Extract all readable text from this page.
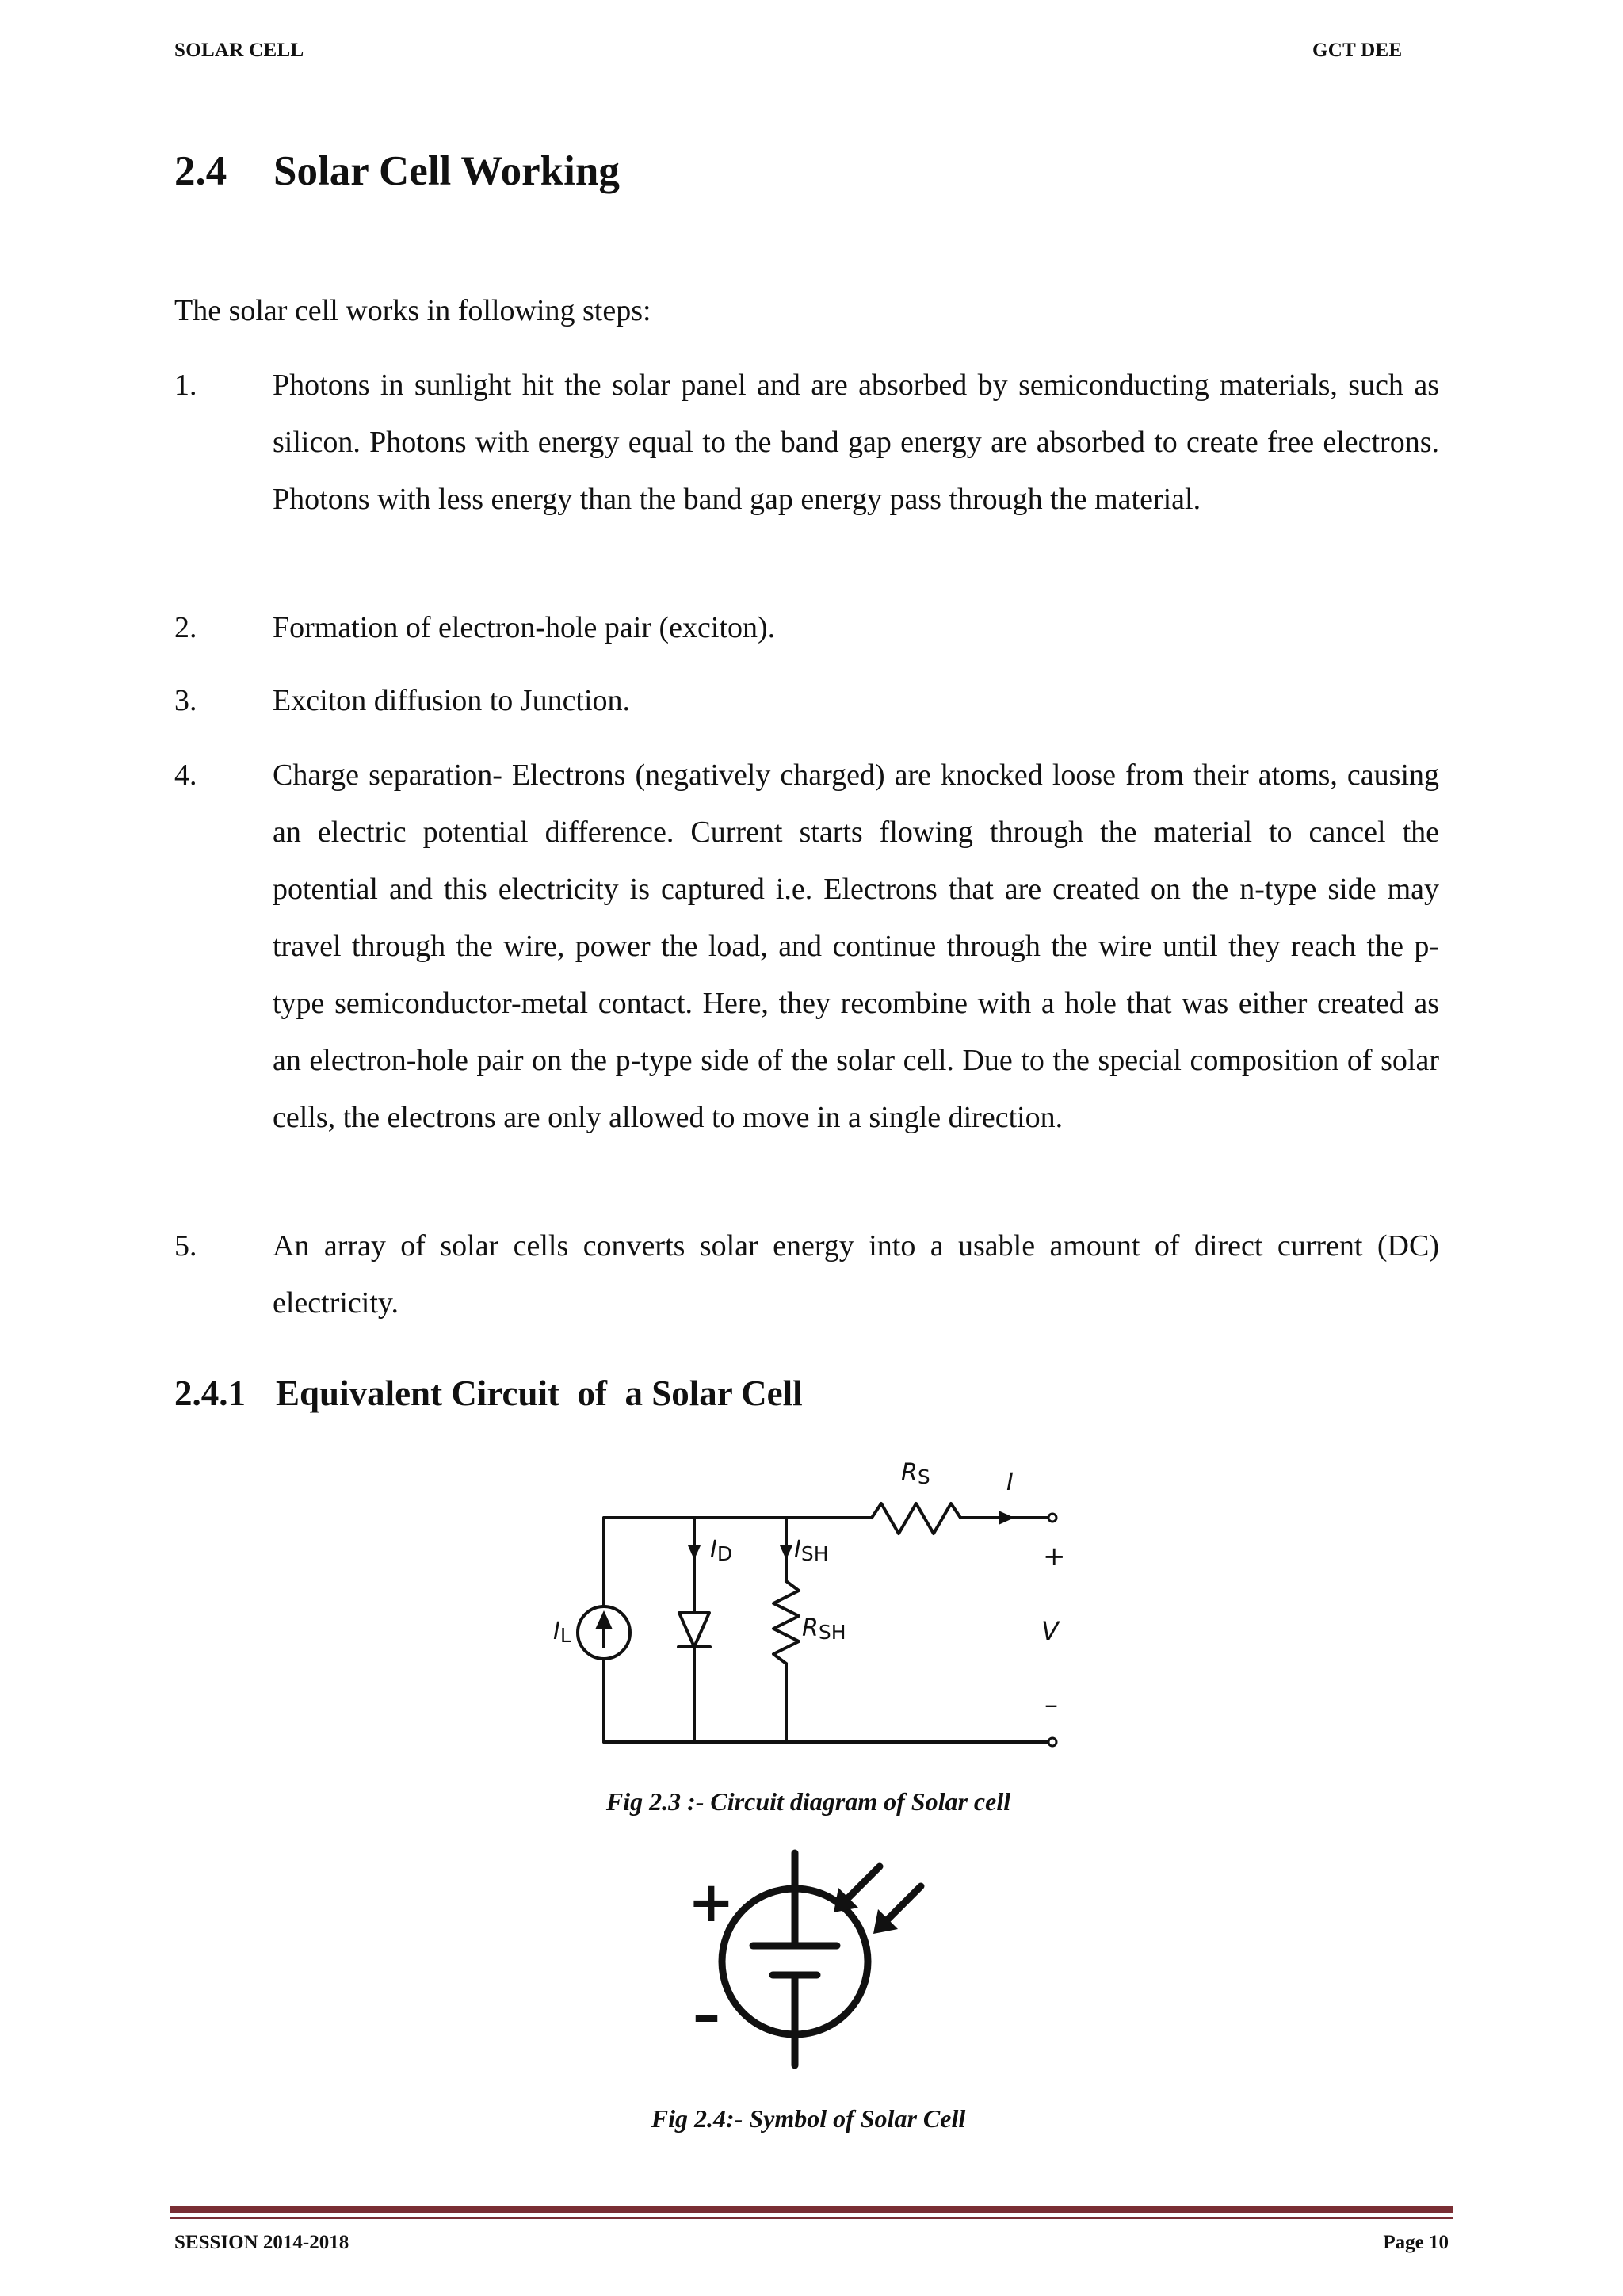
SOLAR CELL	GCT DEE
2.4 Solar Cell Working
The solar cell works in following steps:
1.	Photons in sunlight hit the solar panel and are absorbed by semiconducting materials, such as silicon. Photons with energy equal to the band gap energy are absorbed to create free electrons. Photons with less energy than the band gap energy pass through the material.
2.	Formation of electron-hole pair (exciton).
3.	Exciton diffusion to Junction.
4.	Charge separation- Electrons (negatively charged) are knocked loose from their atoms, causing an electric potential difference. Current starts flowing through the material to cancel the potential and this electricity is captured i.e. Electrons that are created on the n-type side may travel through the wire, power the load, and continue through the wire until they reach the p-type semiconductor-metal contact. Here, they recombine with a hole that was either created as an electron-hole pair on the p-type side of the solar cell. Due to the special composition of solar cells, the electrons are only allowed to move in a single direction.
5.	An array of solar cells converts solar energy into a usable amount of direct current (DC) electricity.
2.4.1 Equivalent Circuit  of  a Solar Cell
RS	I
ID	ISH
IL	RSH
+
V
–
Fig 2.3 :- Circuit diagram of Solar cell
+
–
Fig 2.4:- Symbol of Solar Cell
SESSION 2014-2018	Page 10
